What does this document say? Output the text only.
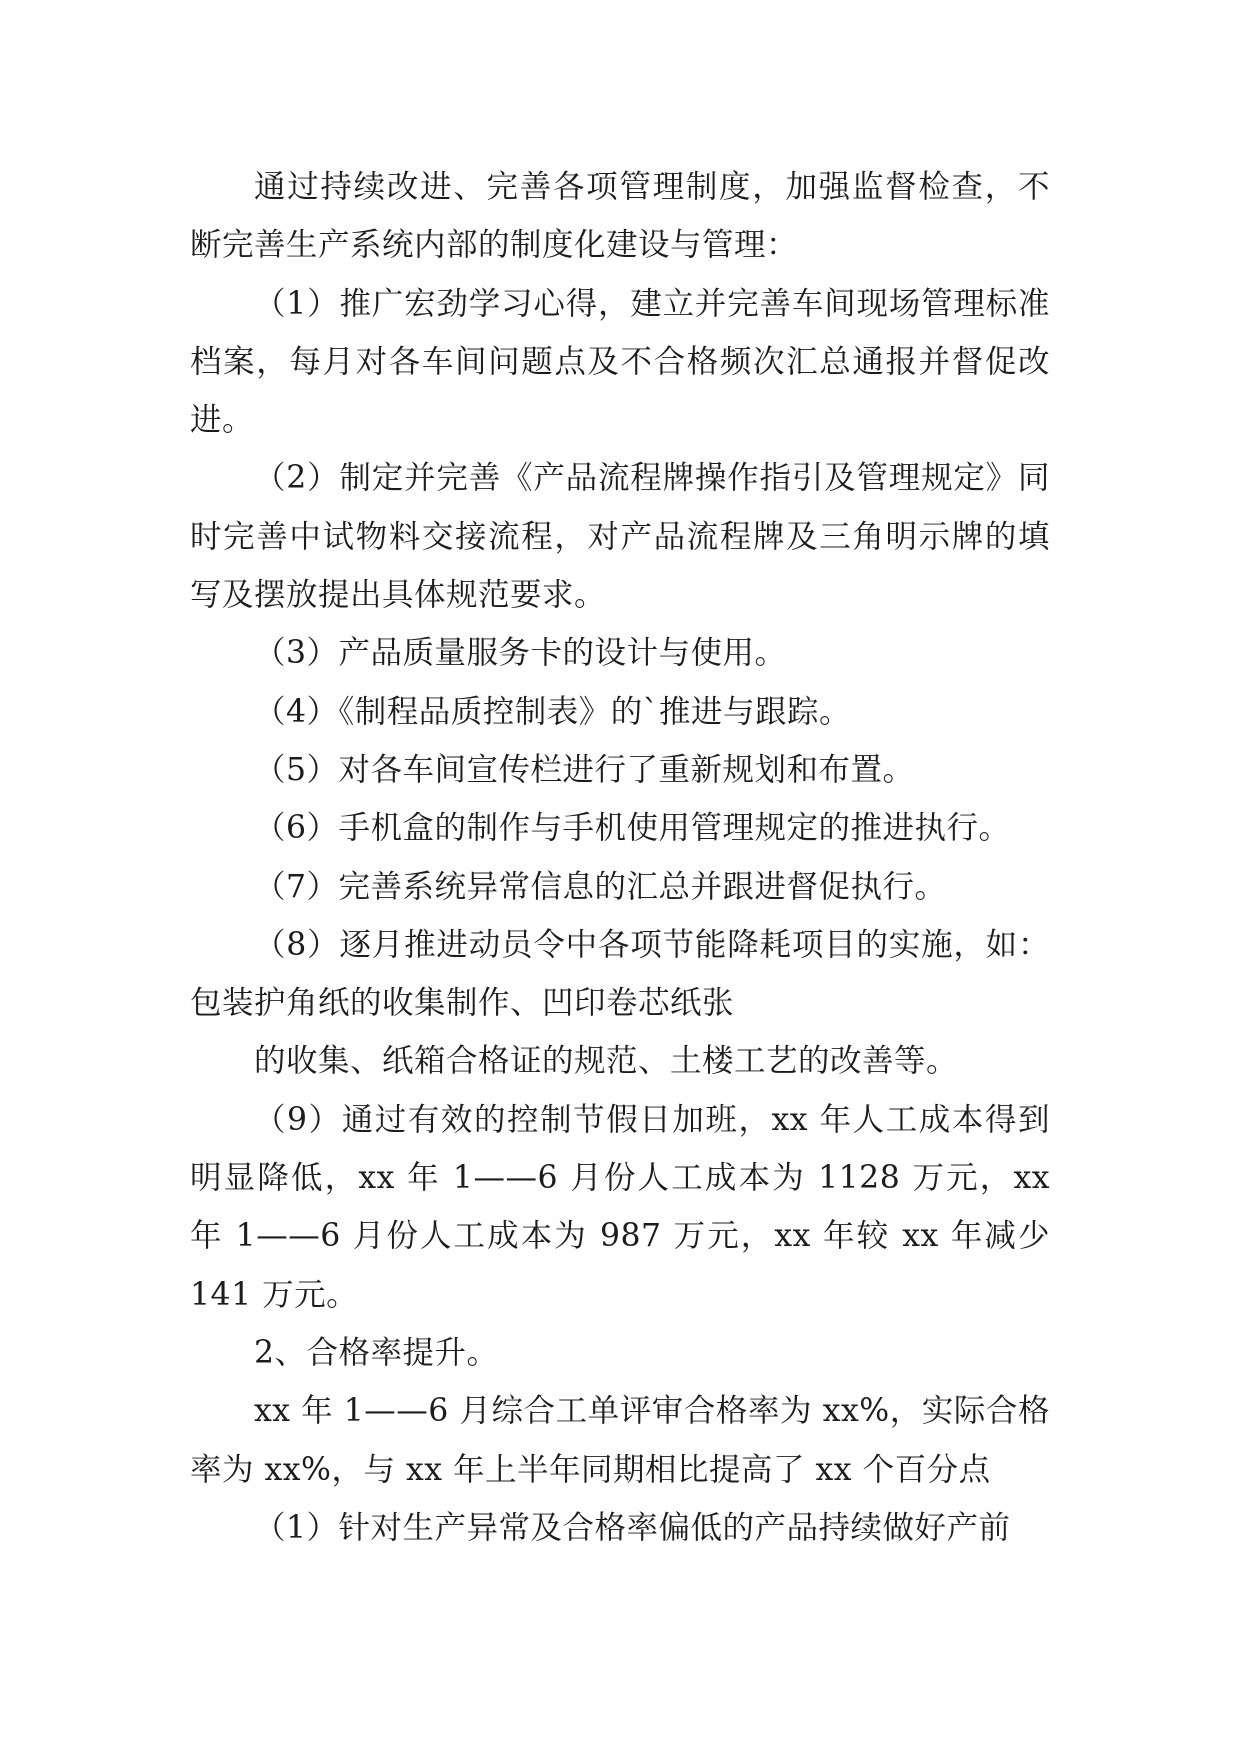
通过持续改进、完善各项管理制度，加强监督检查，不断完善生产系统内部的制度化建设与管理：

（1）推广宏劲学习心得，建立并完善车间现场管理标准档案，每月对各车间问题点及不合格频次汇总通报并督促改进。

（2）制定并完善《产品流程牌操作指引及管理规定》同时完善中试物料交接流程，对产品流程牌及三角明示牌的填写及摆放提出具体规范要求。

（3）产品质量服务卡的设计与使用。

（4）《制程品质控制表》的`推进与跟踪。

（5）对各车间宣传栏进行了重新规划和布置。

（6）手机盒的制作与手机使用管理规定的推进执行。

（7）完善系统异常信息的汇总并跟进督促执行。

（8）逐月推进动员令中各项节能降耗项目的实施，如：包装护角纸的收集制作、凹印卷芯纸张

的收集、纸箱合格证的规范、土楼工艺的改善等。

（9）通过有效的控制节假日加班，xx 年人工成本得到明显降低，xx 年 1——6 月份人工成本为 1128 万元，xx 年 1——6 月份人工成本为 987 万元，xx 年较 xx 年减少 141 万元。

2、合格率提升。

xx 年 1——6 月综合工单评审合格率为 xx%，实际合格率为 xx%，与 xx 年上半年同期相比提高了 xx 个百分点

（1）针对生产异常及合格率偏低的产品持续做好产前
